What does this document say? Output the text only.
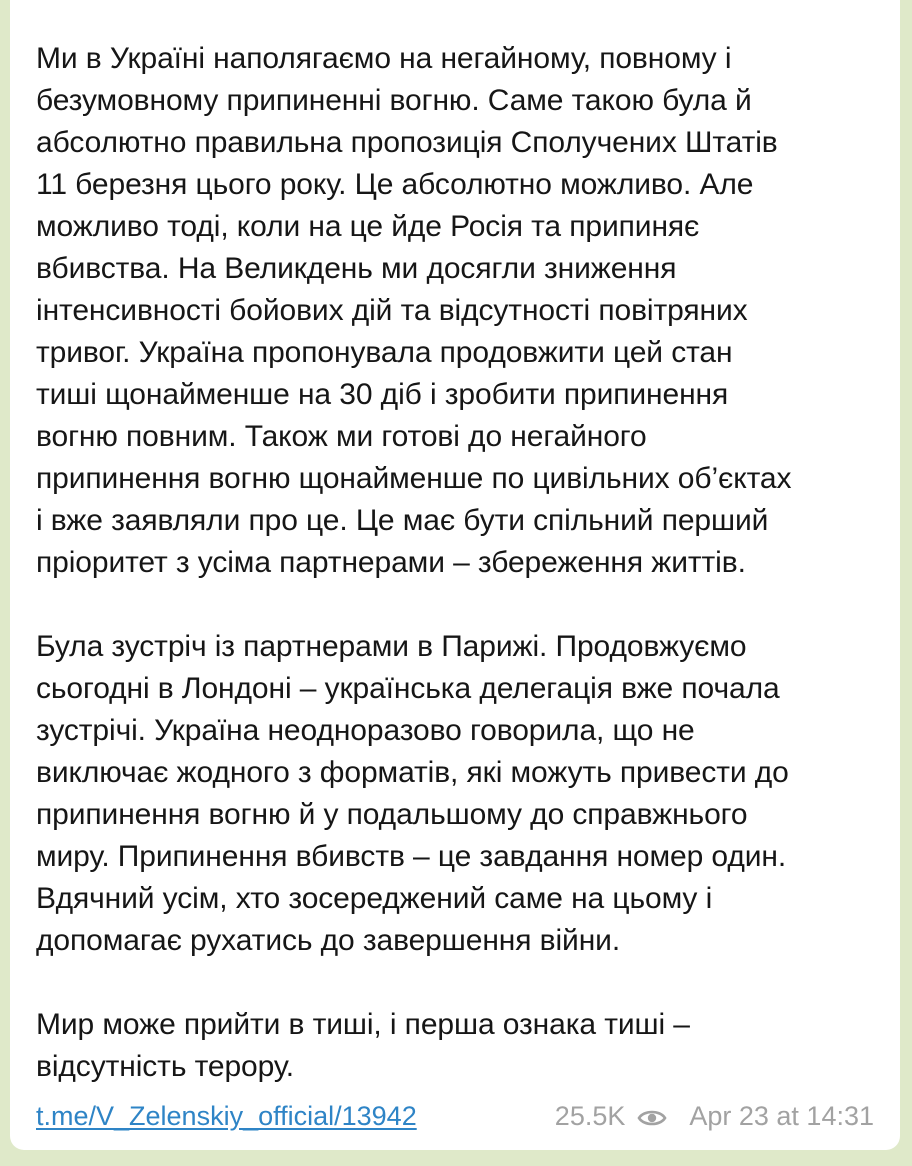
Ми в Україні наполягаємо на негайному, повному і
безумовному припиненні вогню. Саме такою була й
абсолютно правильна пропозиція Сполучених Штатів
11 березня цього року. Це абсолютно можливо. Але
можливо тоді, коли на це йде Росія та припиняє
вбивства. На Великдень ми досягли зниження
інтенсивності бойових дій та відсутності повітряних
тривог. Україна пропонувала продовжити цей стан
тиші щонайменше на 30 діб і зробити припинення
вогню повним. Також ми готові до негайного
припинення вогню щонайменше по цивільних об’єктах
і вже заявляли про це. Це має бути спільний перший
пріоритет з усіма партнерами – збереження життів.

Була зустріч із партнерами в Парижі. Продовжуємо
сьогодні в Лондоні – українська делегація вже почала
зустрічі. Україна неодноразово говорила, що не
виключає жодного з форматів, які можуть привести до
припинення вогню й у подальшому до справжнього
миру. Припинення вбивств – це завдання номер один.
Вдячний усім, хто зосереджений саме на цьому і
допомагає рухатись до завершення війни.

Мир може прийти в тиші, і перша ознака тиші –
відсутність терору.

t.me/V_Zelenskiy_official/13942	25.5K Apr 23 at 14:31
